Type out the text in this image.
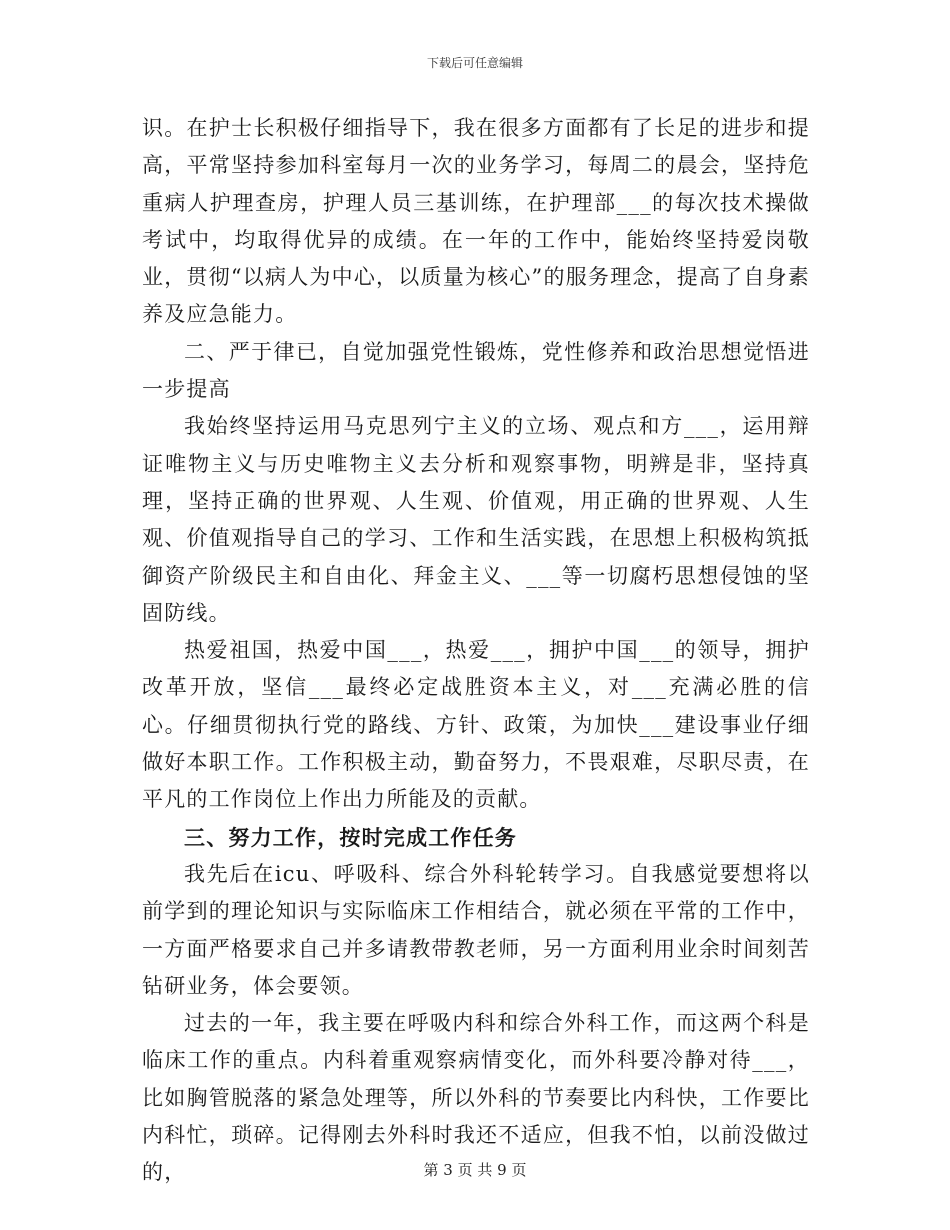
下载后可任意编辑

识。在护士长积极仔细指导下，我在很多方面都有了长足的进步和提高，平常坚持参加科室每月一次的业务学习，每周二的晨会，坚持危重病人护理查房，护理人员三基训练，在护理部___的每次技术操做考试中，均取得优异的成绩。在一年的工作中，能始终坚持爱岗敬业，贯彻“以病人为中心，以质量为核心”的服务理念，提高了自身素养及应急能力。

二、严于律已，自觉加强党性锻炼，党性修养和政治思想觉悟进一步提高

我始终坚持运用马克思列宁主义的立场、观点和方___，运用辩证唯物主义与历史唯物主义去分析和观察事物，明辨是非，坚持真理，坚持正确的世界观、人生观、价值观，用正确的世界观、人生观、价值观指导自己的学习、工作和生活实践，在思想上积极构筑抵御资产阶级民主和自由化、拜金主义、___等一切腐朽思想侵蚀的坚固防线。

热爱祖国，热爱中国___，热爱___，拥护中国___的领导，拥护改革开放，坚信___最终必定战胜资本主义，对___充满必胜的信心。仔细贯彻执行党的路线、方针、政策，为加快___建设事业仔细做好本职工作。工作积极主动，勤奋努力，不畏艰难，尽职尽责，在平凡的工作岗位上作出力所能及的贡献。

三、努力工作，按时完成工作任务

我先后在icu、呼吸科、综合外科轮转学习。自我感觉要想将以前学到的理论知识与实际临床工作相结合，就必须在平常的工作中，一方面严格要求自己并多请教带教老师，另一方面利用业余时间刻苦钻研业务，体会要领。

过去的一年，我主要在呼吸内科和综合外科工作，而这两个科是临床工作的重点。内科着重观察病情变化，而外科要冷静对待___，比如胸管脱落的紧急处理等，所以外科的节奏要比内科快，工作要比内科忙，琐碎。记得刚去外科时我还不适应，但我不怕，以前没做过的，	第 3 页 共 9 页
